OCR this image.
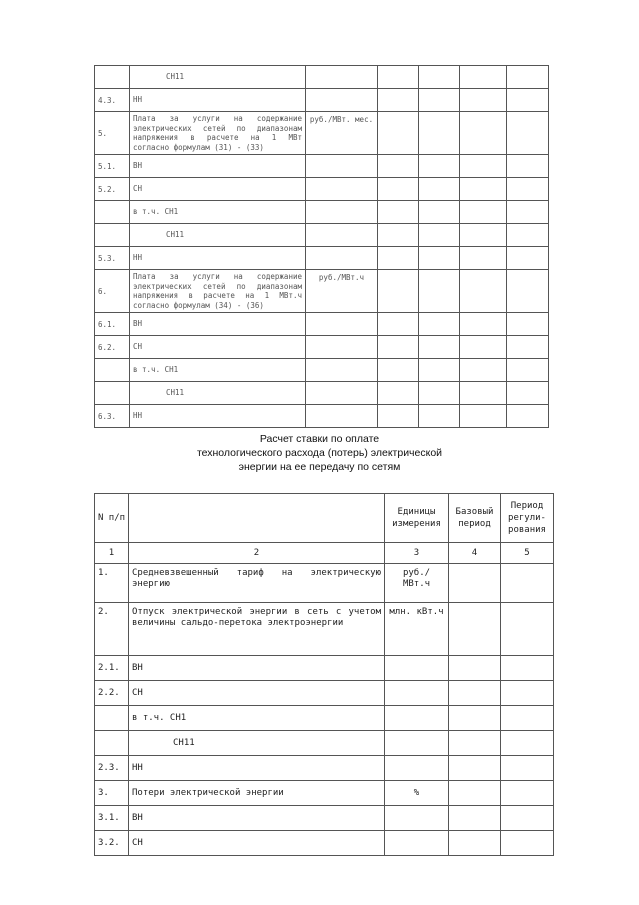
	СН11					
4.3.	НН					
5.	Плата за услуги на содержание электрических сетей по диапазонам напряжения в расчете на 1 МВт согласно формулам (31) - (33)	руб./МВт. мес.				
5.1.	ВН					
5.2.	СН					
	в т.ч. СН1					
	СН11					
5.3.	НН					
6.	Плата за услуги на содержание электрических сетей по диапазонам напряжения в расчете на 1 МВт.ч согласно формулам (34) - (36)	руб./МВт.ч				
6.1.	ВН					
6.2.	СН					
	в т.ч. СН1					
	СН11					
6.3.	НН					
Расчет ставки по оплате
технологического расхода (потерь) электрической
энергии на ее передачу по сетям
N п/п		Единицы измерения	Базовый период	Период регули- рования
1	2	3	4	5
1.	Средневзвешенный тариф на электрическую энергию	руб./ МВт.ч		
2.	Отпуск электрической энергии в сеть с учетом величины сальдо-перетока электроэнергии	млн. кВт.ч		
2.1.	ВН			
2.2.	СН			
	в т.ч. СН1			
	СН11			
2.3.	НН			
3.	Потери электрической энергии	%		
3.1.	ВН			
3.2.	СН			
